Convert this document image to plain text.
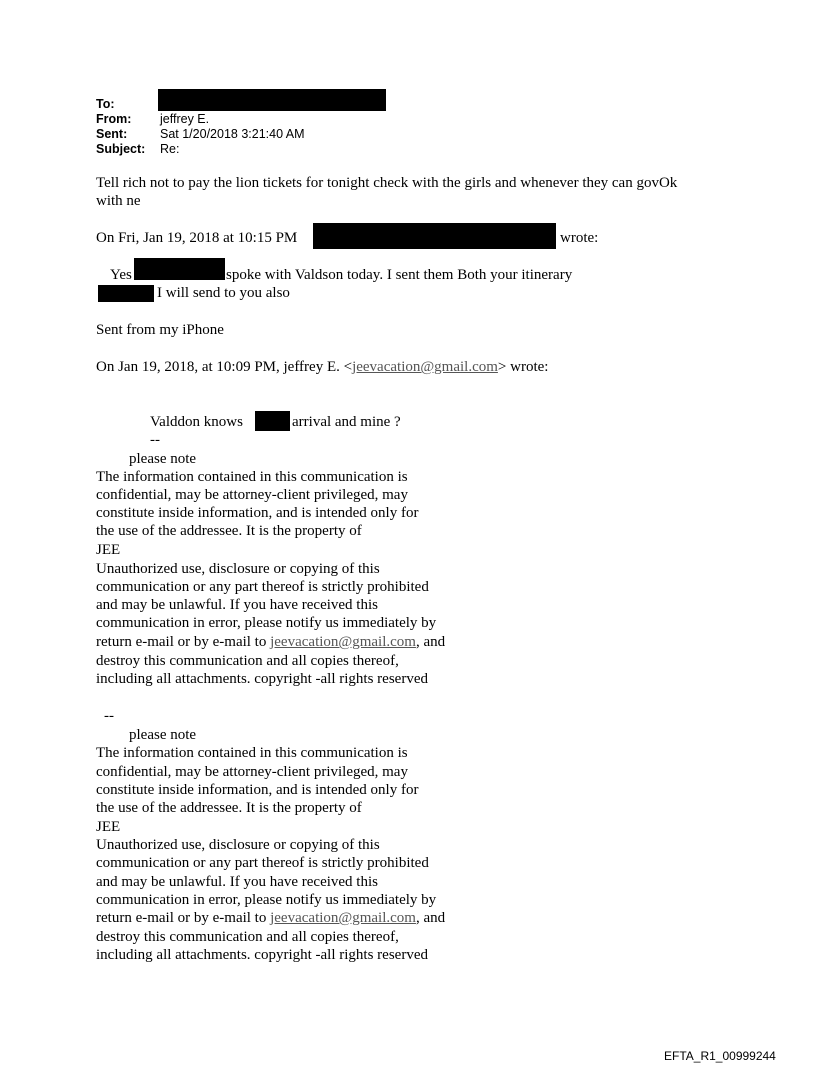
To:
From: jeffrey E.
Sent:	Sat 1/20/2018 3:21:40 AM
Subject: Re:
Tell rich not to pay the lion tickets for tonight check with the girls and whenever they can govOk
with ne
On Fri, Jan 19, 2018 at 10:15 PM	wrote:
Yes	spoke with Valdson today. I sent them Both your itinerary
I will send to you also
Sent from my iPhone
On Jan 19, 2018, at 10:09 PM, jeffrey E. <jeevacation@gmail.com> wrote:
Valddon knows	arrival and mine ?
--
please note
The information contained in this communication is
confidential, may be attorney-client privileged, may
constitute inside information, and is intended only for
the use of the addressee. It is the property of
JEE
Unauthorized use, disclosure or copying of this
communication or any part thereof is strictly prohibited
and may be unlawful. If you have received this
communication in error, please notify us immediately by
return e-mail or by e-mail to jeevacation@gmail.com, and
destroy this communication and all copies thereof,
including all attachments. copyright -all rights reserved
--
please note
The information contained in this communication is
confidential, may be attorney-client privileged, may
constitute inside information, and is intended only for
the use of the addressee. It is the property of
JEE
Unauthorized use, disclosure or copying of this
communication or any part thereof is strictly prohibited
and may be unlawful. If you have received this
communication in error, please notify us immediately by
return e-mail or by e-mail to jeevacation@gmail.com, and
destroy this communication and all copies thereof,
including all attachments. copyright -all rights reserved
EFTA_R1_00999244
